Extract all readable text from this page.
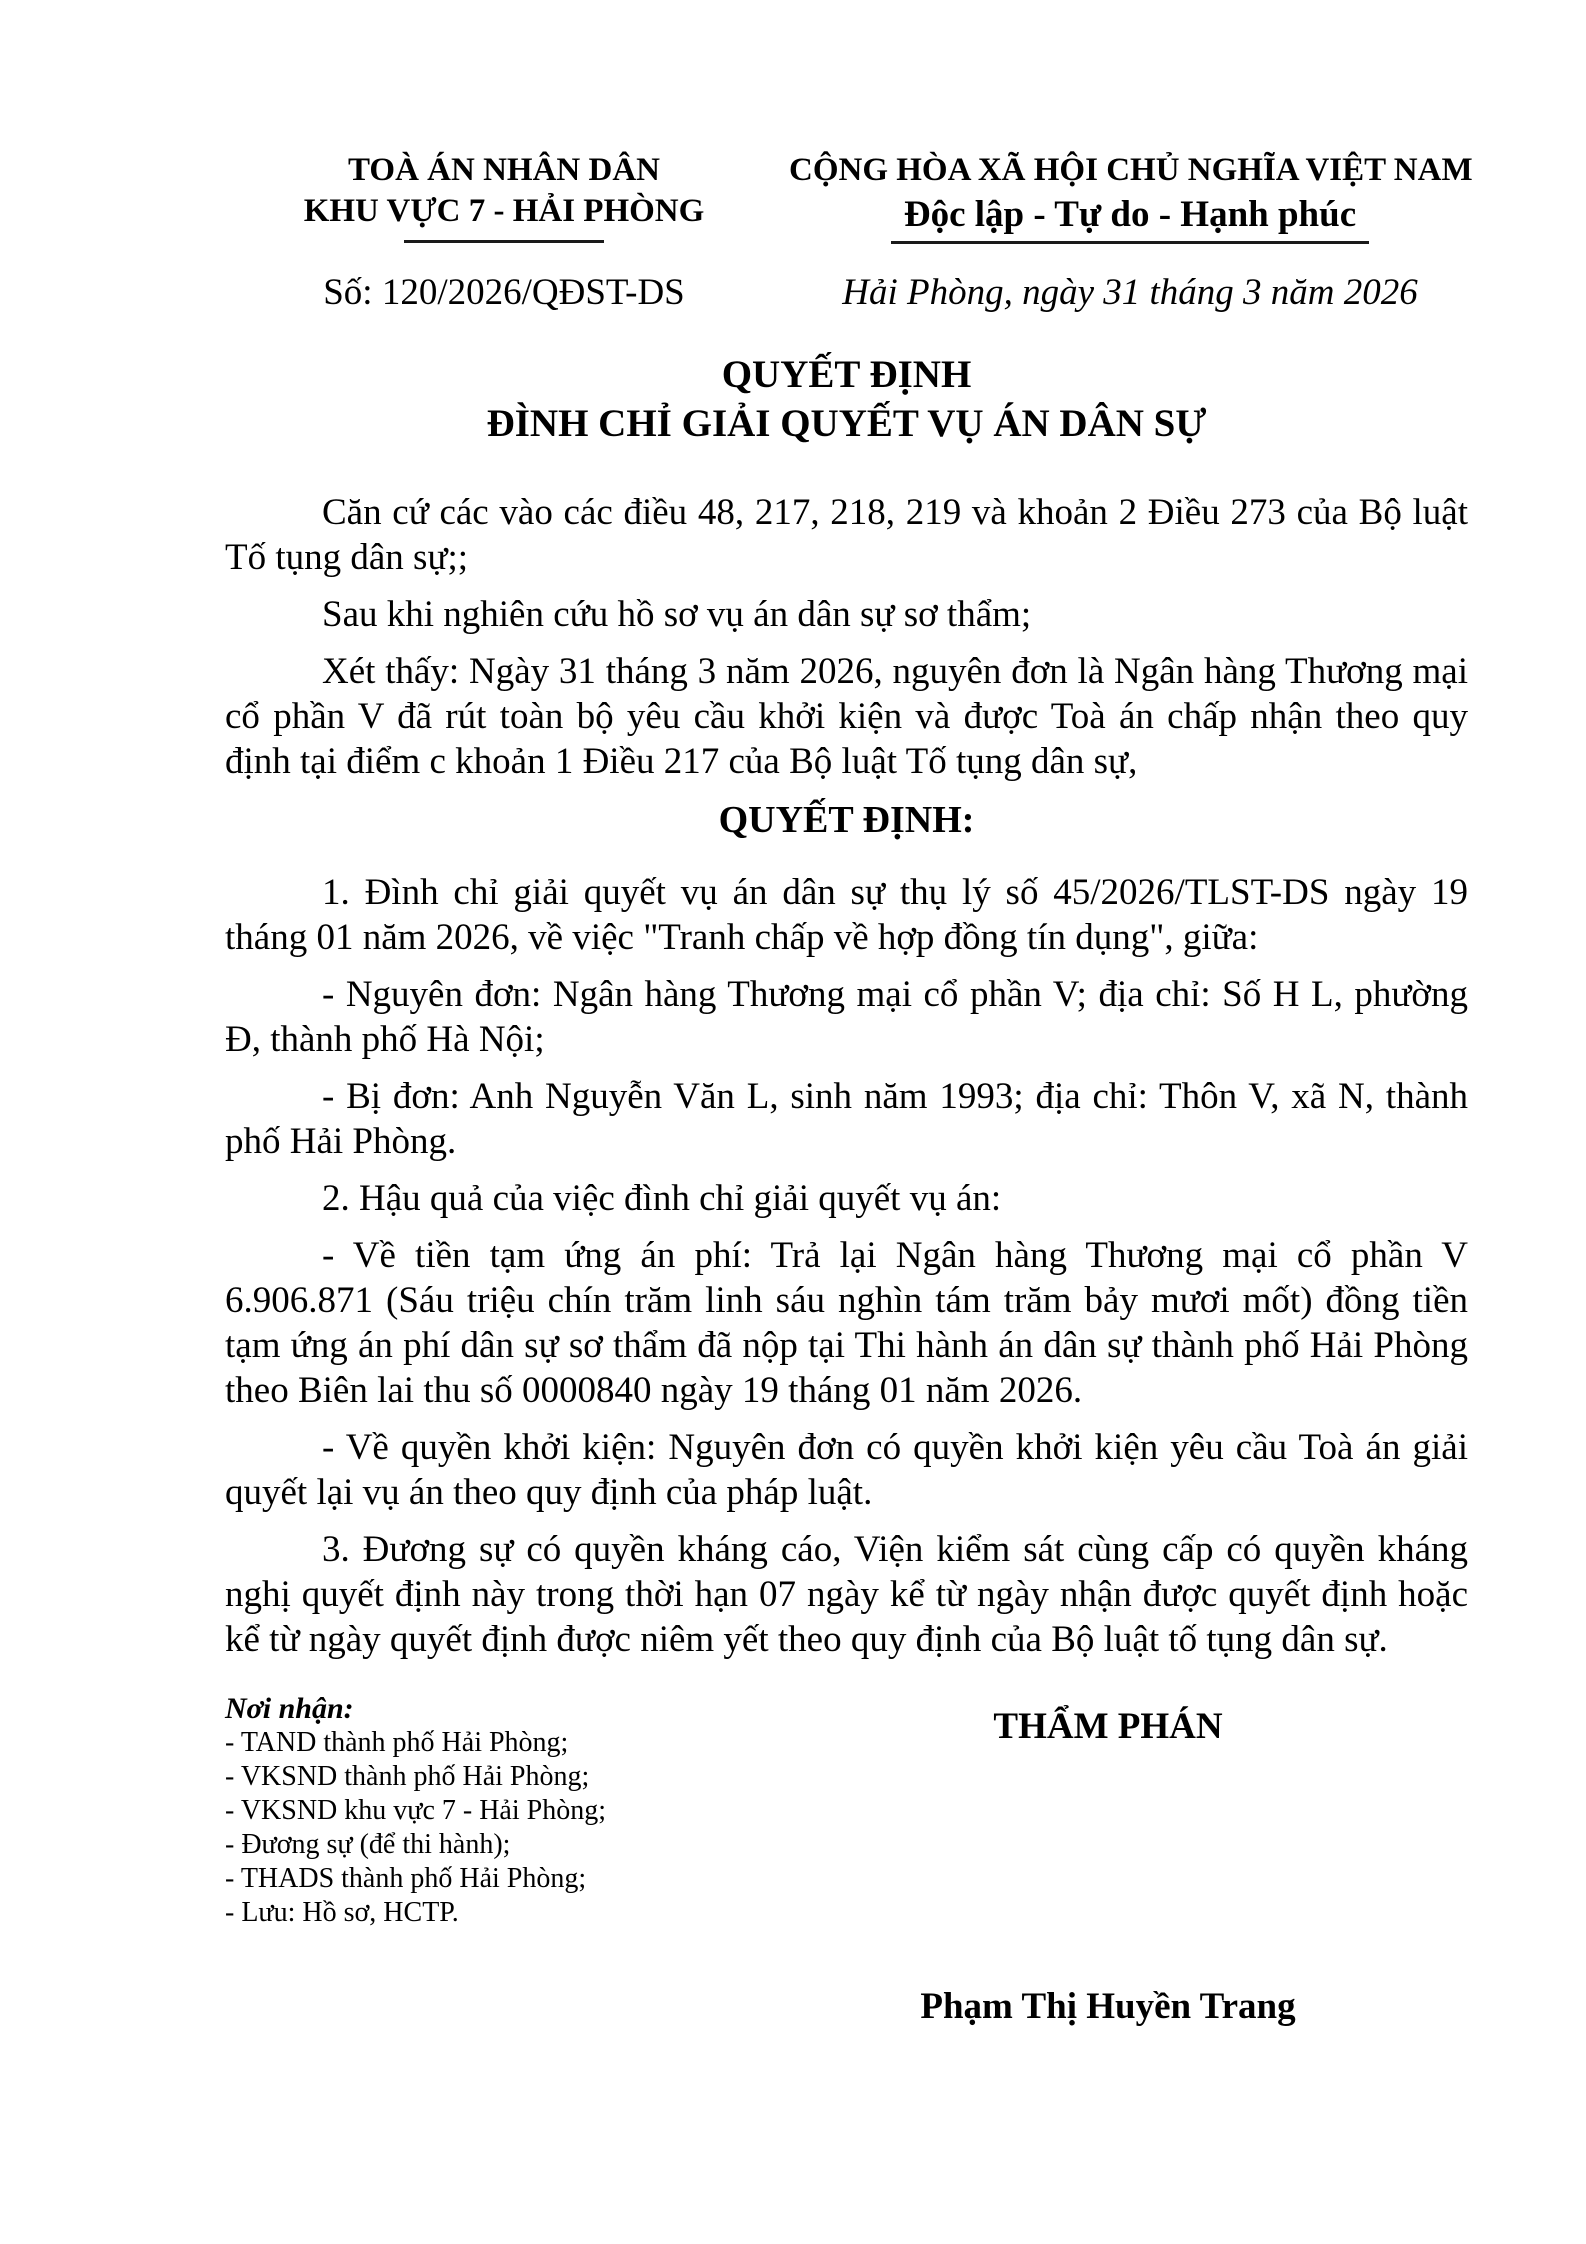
TOÀ ÁN NHÂN DÂN
KHU VỰC 7 - HẢI PHÒNG
CỘNG HÒA XÃ HỘI CHỦ NGHĨA VIỆT NAM
Độc lập - Tự do - Hạnh phúc
Số: 120/2026/QĐST-DS	Hải Phòng, ngày 31 tháng 3 năm 2026
QUYẾT ĐỊNH
ĐÌNH CHỈ GIẢI QUYẾT VỤ ÁN DÂN SỰ

Căn cứ các vào các điều 48, 217, 218, 219 và khoản 2 Điều 273 của Bộ luật Tố tụng dân sự;;

Sau khi nghiên cứu hồ sơ vụ án dân sự sơ thẩm;

Xét thấy: Ngày 31 tháng 3 năm 2026, nguyên đơn là Ngân hàng Thương mại cổ phần V đã rút toàn bộ yêu cầu khởi kiện và được Toà án chấp nhận theo quy định tại điểm c khoản 1 Điều 217 của Bộ luật Tố tụng dân sự,

QUYẾT ĐỊNH:

1. Đình chỉ giải quyết vụ án dân sự thụ lý số 45/2026/TLST-DS ngày 19 tháng 01 năm 2026, về việc "Tranh chấp về hợp đồng tín dụng", giữa:

- Nguyên đơn: Ngân hàng Thương mại cổ phần V; địa chỉ: Số H L, phường Đ, thành phố Hà Nội;

- Bị đơn: Anh Nguyễn Văn L, sinh năm 1993; địa chỉ: Thôn V, xã N, thành phố Hải Phòng.

2. Hậu quả của việc đình chỉ giải quyết vụ án:

- Về tiền tạm ứng án phí: Trả lại Ngân hàng Thương mại cổ phần V 6.906.871 (Sáu triệu chín trăm linh sáu nghìn tám trăm bảy mươi mốt) đồng tiền tạm ứng án phí dân sự sơ thẩm đã nộp tại Thi hành án dân sự thành phố Hải Phòng theo Biên lai thu số 0000840 ngày 19 tháng 01 năm 2026.

- Về quyền khởi kiện: Nguyên đơn có quyền khởi kiện yêu cầu Toà án giải quyết lại vụ án theo quy định của pháp luật.

3. Đương sự có quyền kháng cáo, Viện kiểm sát cùng cấp có quyền kháng nghị quyết định này trong thời hạn 07 ngày kể từ ngày nhận được quyết định hoặc kể từ ngày quyết định được niêm yết theo quy định của Bộ luật tố tụng dân sự.

Nơi nhận:
- TAND thành phố Hải Phòng;
- VKSND thành phố Hải Phòng;
- VKSND khu vực 7 - Hải Phòng;
- Đương sự (để thi hành);
- THADS thành phố Hải Phòng;
- Lưu: Hồ sơ, HCTP.
THẨM PHÁN
Phạm Thị Huyền Trang
